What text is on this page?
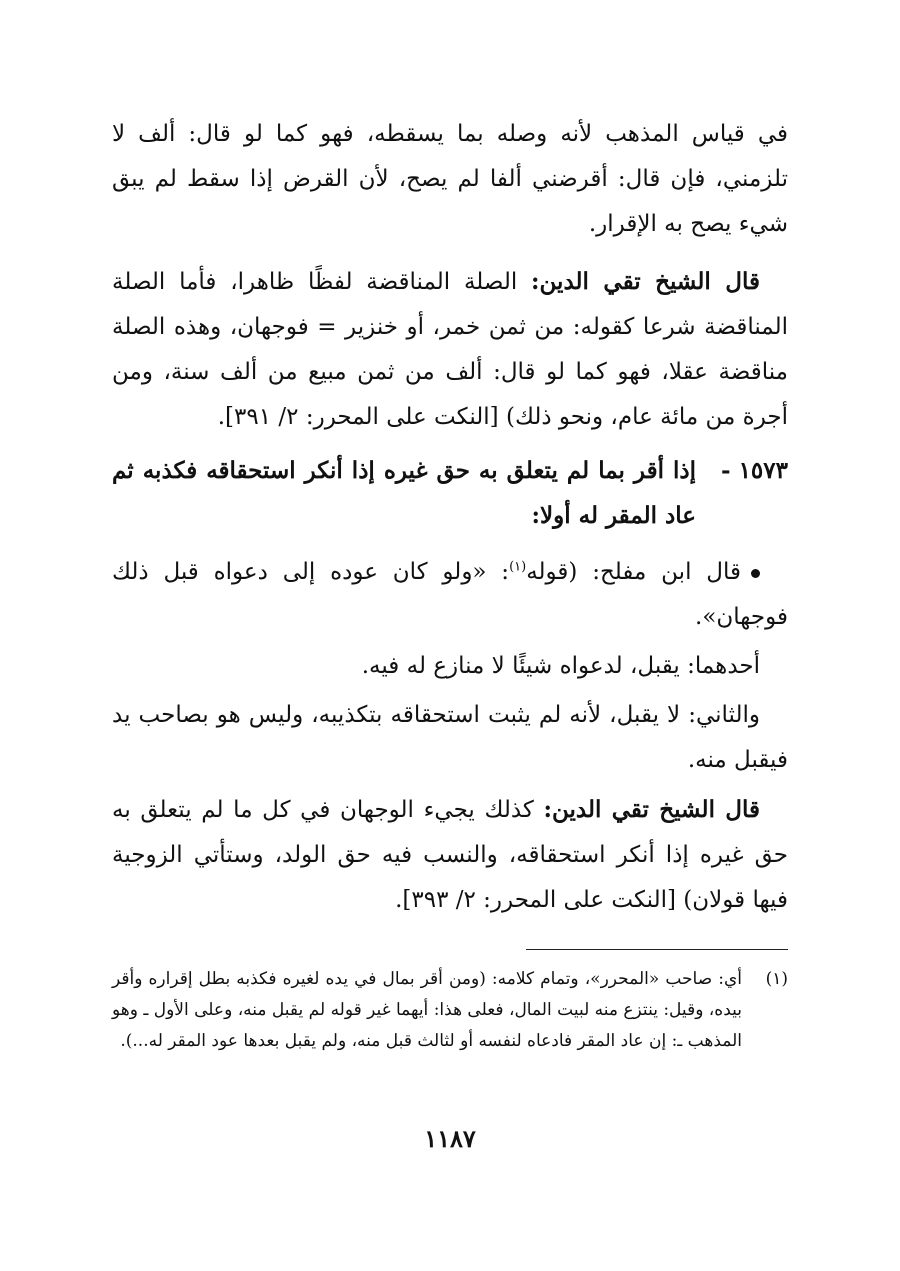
في قياس المذهب لأنه وصله بما يسقطه، فهو كما لو قال: ألف لا تلزمني، فإن قال: أقرضني ألفا لم يصح، لأن القرض إذا سقط لم يبق شيء يصح به الإقرار.

قال الشيخ تقي الدين: الصلة المناقضة لفظًا ظاهرا، فأما الصلة المناقضة شرعا كقوله: من ثمن خمر، أو خنزير = فوجهان، وهذه الصلة مناقضة عقلا، فهو كما لو قال: ألف من ثمن مبيع من ألف سنة، ومن أجرة من مائة عام، ونحو ذلك) [النكت على المحرر: ٢/ ٣٩١].

١٥٧٣ -
إذا أقر بما لم يتعلق به حق غيره إذا أنكر استحقاقه فكذبه ثم عاد المقر له أولا:

قال ابن مفلح: (قوله$^{(١)}$: «ولو كان عوده إلى دعواه قبل ذلك فوجهان».

أحدهما: يقبل، لدعواه شيئًا لا منازع له فيه.

والثاني: لا يقبل، لأنه لم يثبت استحقاقه بتكذيبه، وليس هو بصاحب يد فيقبل منه.

قال الشيخ تقي الدين: كذلك يجيء الوجهان في كل ما لم يتعلق به حق غيره إذا أنكر استحقاقه، والنسب فيه حق الولد، وستأتي الزوجية فيها قولان) [النكت على المحرر: ٢/ ٣٩٣].

(١)
أي: صاحب «المحرر»، وتمام كلامه: (ومن أقر بمال في يده لغيره فكذبه بطل إقراره وأقر بيده، وقيل: ينتزع منه لبيت المال، فعلى هذا: أيهما غير قوله لم يقبل منه، وعلى الأول ـ وهو المذهب ـ: إن عاد المقر فادعاه لنفسه أو لثالث قبل منه، ولم يقبل بعدها عود المقر له...).
١١٨٧
